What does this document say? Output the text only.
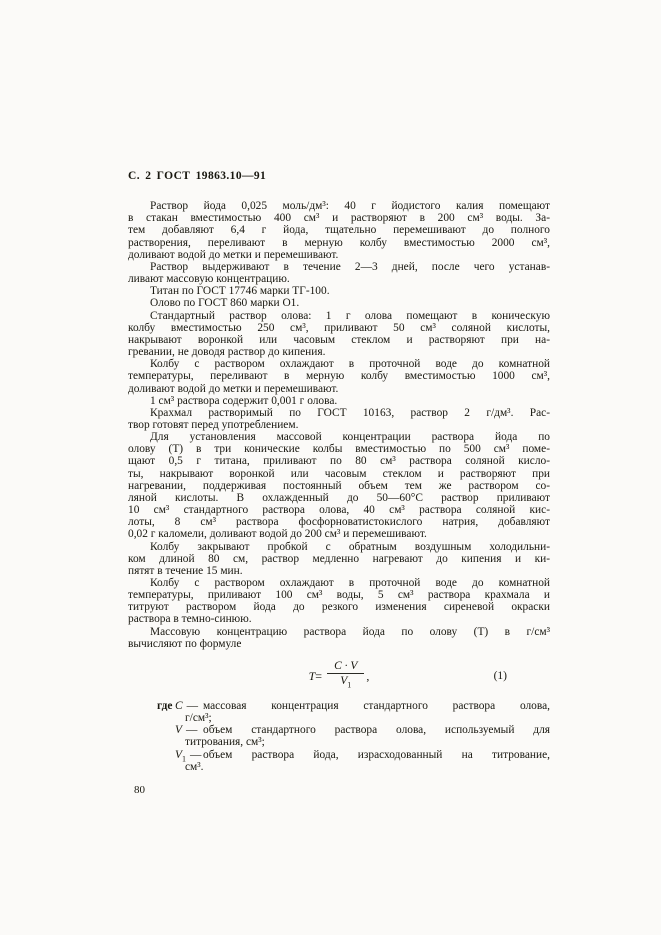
С. 2 ГОСТ 19863.10—91

Раствор йода 0,025 моль/дм³: 40 г йодистого калия помещают
в стакан вместимостью 400 см³ и растворяют в 200 см³ воды. За-
тем добавляют 6,4 г йода, тщательно перемешивают до полного
растворения, переливают в мерную колбу вместимостью 2000 см³,
доливают водой до метки и перемешивают.

Раствор выдерживают в течение 2—3 дней, после чего устанав-
ливают массовую концентрацию.

Титан по ГОСТ 17746 марки ТГ-100.

Олово по ГОСТ 860 марки О1.

Стандартный раствор олова: 1 г олова помещают в коническую
колбу вместимостью 250 см³, приливают 50 см³ соляной кислоты,
накрывают воронкой или часовым стеклом и растворяют при на-
гревании, не доводя раствор до кипения.

Колбу с раствором охлаждают в проточной воде до комнатной
температуры, переливают в мерную колбу вместимостью 1000 см³,
доливают водой до метки и перемешивают.

1 см³ раствора содержит 0,001 г олова.

Крахмал растворимый по ГОСТ 10163, раствор 2 г/дм³. Рас-
твор готовят перед употреблением.

Для установления массовой концентрации раствора йода по
олову (Т) в три конические колбы вместимостью по 500 см³ поме-
щают 0,5 г титана, приливают по 80 см³ раствора соляной кисло-
ты, накрывают воронкой или часовым стеклом и растворяют при
нагревании, поддерживая постоянный объем тем же раствором со-
ляной кислоты. В охлажденный до 50—60°С раствор приливают
10 см³ стандартного раствора олова, 40 см³ раствора соляной кис-
лоты, 8 см³ раствора фосфорноватистокислого натрия, добавляют
0,02 г каломели, доливают водой до 200 см³ и перемешивают.

Колбу закрывают пробкой с обратным воздушным холодильни-
ком длиной 80 см, раствор медленно нагревают до кипения и ки-
пятят в течение 15 мин.

Колбу с раствором охлаждают в проточной воде до комнатной
температуры, приливают 100 см³ воды, 5 см³ раствора крахмала и
титруют раствором йода до резкого изменения сиреневой окраски
раствора в темно-синюю.

Массовую концентрацию раствора йода по олову (Т) в г/см³
вычисляют по формуле

$T = \frac{C \cdot V}{V_1}$ ,	(1)
где C — массовая концентрация стандартного раствора олова,
г/см³;
V — объем стандартного раствора олова, используемый для
титрования, см³;
$V_1$ — объем раствора йода, израсходованный на титрование,
см³.
80
